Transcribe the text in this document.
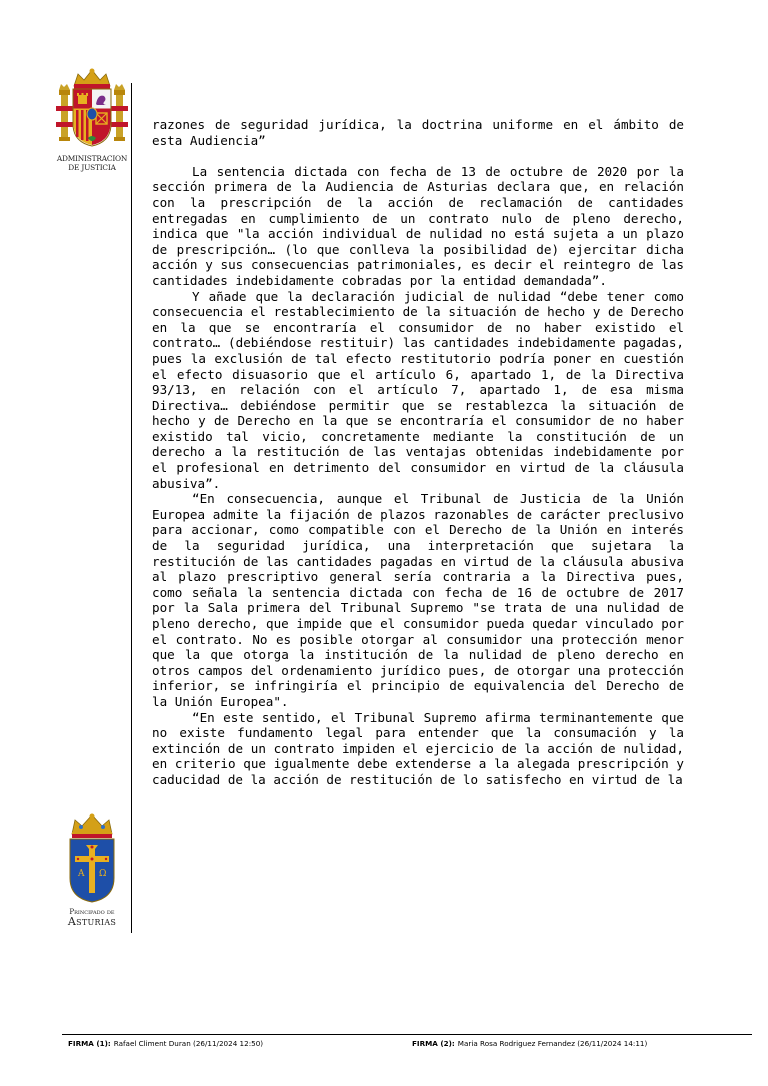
ADMINISTRACION
DE JUSTICIA
A Ω
Principado de
Asturias

razones de seguridad jurídica, la doctrina uniforme en el ámbito de esta Audiencia”

La sentencia dictada con fecha de 13 de octubre de 2020 por la sección primera de la Audiencia de Asturias declara que, en relación con la prescripción de la acción de reclamación de cantidades entregadas en cumplimiento de un contrato nulo de pleno derecho, indica que "la acción individual de nulidad no está sujeta a un plazo de prescripción… (lo que conlleva la posibilidad de) ejercitar dicha acción y sus consecuencias patrimoniales, es decir el reintegro de las cantidades indebidamente cobradas por la entidad demandada”.

Y añade que la declaración judicial de nulidad “debe tener como consecuencia el restablecimiento de la situación de hecho y de Derecho en la que se encontraría el consumidor de no haber existido el contrato… (debiéndose restituir) las cantidades indebidamente pagadas, pues la exclusión de tal efecto restitutorio podría poner en cuestión el efecto disuasorio que el artículo 6, apartado 1, de la Directiva 93/13, en relación con el artículo 7, apartado 1, de esa misma Directiva… debiéndose permitir que se restablezca la situación de hecho y de Derecho en la que se encontraría el consumidor de no haber existido tal vicio, concretamente mediante la constitución de un derecho a la restitución de las ventajas obtenidas indebidamente por el profesional en detrimento del consumidor en virtud de la cláusula abusiva”.

“En consecuencia, aunque el Tribunal de Justicia de la Unión Europea admite la fijación de plazos razonables de carácter preclusivo para accionar, como compatible con el Derecho de la Unión en interés de la seguridad jurídica, una interpretación que sujetara la restitución de las cantidades pagadas en virtud de la cláusula abusiva al plazo prescriptivo general sería contraria a la Directiva pues, como señala la sentencia dictada con fecha de 16 de octubre de 2017 por la Sala primera del Tribunal Supremo "se trata de una nulidad de pleno derecho, que impide que el consumidor pueda quedar vinculado por el contrato. No es posible otorgar al consumidor una protección menor que la que otorga la institución de la nulidad de pleno derecho en otros campos del ordenamiento jurídico pues, de otorgar una protección inferior, se infringiría el principio de equivalencia del Derecho de la Unión Europea".

“En este sentido, el Tribunal Supremo afirma terminantemente que no existe fundamento legal para entender que la consumación y la extinción de un contrato impiden el ejercicio de la acción de nulidad, en criterio que igualmente debe extenderse a la alegada prescripción y caducidad de la acción de restitución de lo satisfecho en virtud de la

FIRMA (1): Rafael Climent Duran (26/11/2024 12:50)	FIRMA (2): Maria Rosa Rodriguez Fernandez (26/11/2024 14:11)
